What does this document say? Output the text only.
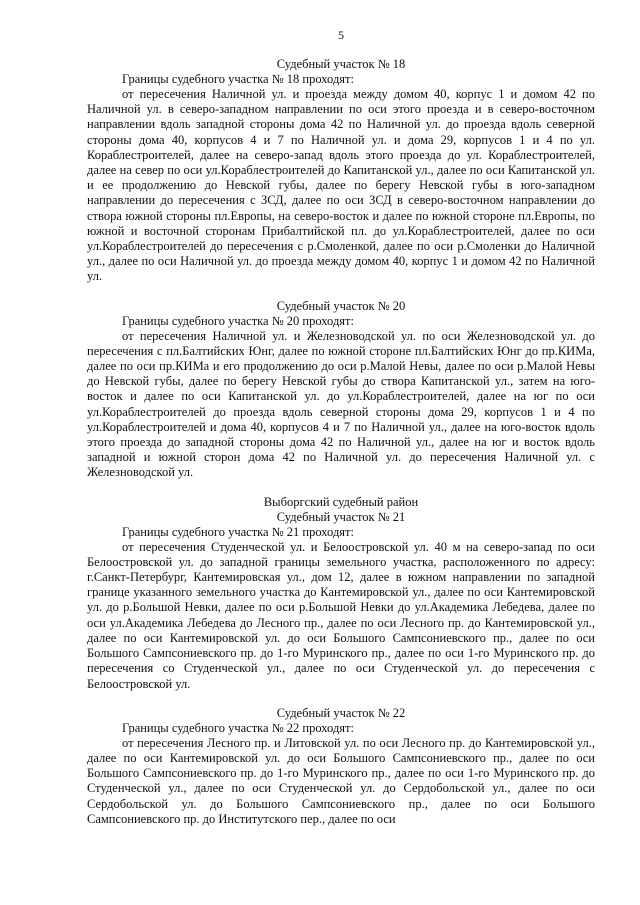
5

Судебный участок № 18

Границы судебного участка № 18 проходят:

от пересечения Наличной ул. и проезда между домом 40, корпус 1 и домом 42 по Наличной ул. в северо-западном направлении по оси этого проезда и в северо-восточном направлении вдоль западной стороны дома 42 по Наличной ул. до проезда вдоль северной стороны дома 40, корпусов 4 и 7 по Наличной ул. и дома 29, корпусов 1 и 4 по ул. Кораблестроителей, далее на северо-запад вдоль этого проезда до ул. Кораблестроителей, далее на север по оси ул.Кораблестроителей до Капитанской ул., далее по оси Капитанской ул. и ее продолжению до Невской губы, далее по берегу Невской губы в юго-западном направлении до пересечения с ЗСД, далее по оси ЗСД в северо-восточном направлении до створа южной стороны пл.Европы, на северо-восток и далее по южной стороне пл.Европы, по южной и восточной сторонам Прибалтийской пл. до ул.Кораблестроителей, далее по оси ул.Кораблестроителей до пересечения с р.Смоленкой, далее по оси р.Смоленки до Наличной ул., далее по оси Наличной ул. до проезда между домом 40, корпус 1 и домом 42 по Наличной ул.

Судебный участок № 20

Границы судебного участка № 20 проходят:

от пересечения Наличной ул. и Железноводской ул. по оси Железноводской ул. до пересечения с пл.Балтийских Юнг, далее по южной стороне пл.Балтийских Юнг до пр.КИМа, далее по оси пр.КИМа и его продолжению до оси р.Малой Невы, далее по оси р.Малой Невы до Невской губы, далее по берегу Невской губы до створа Капитанской ул., затем на юго-восток и далее по оси Капитанской ул. до ул.Кораблестроителей, далее на юг по оси ул.Кораблестроителей до проезда вдоль северной стороны дома 29, корпусов 1 и 4 по ул.Кораблестроителей и дома 40, корпусов 4 и 7 по Наличной ул., далее на юго-восток вдоль этого проезда до западной стороны дома 42 по Наличной ул., далее на юг и восток вдоль западной и южной сторон дома 42 по Наличной ул. до пересечения Наличной ул. с Железноводской ул.

Выборгский судебный район

Судебный участок № 21

Границы судебного участка № 21 проходят:

от пересечения Студенческой ул. и Белоостровской ул. 40 м на северо-запад по оси Белоостровской ул. до западной границы земельного участка, расположенного по адресу: г.Санкт-Петербург, Кантемировская ул., дом 12, далее в южном направлении по западной границе указанного земельного участка до Кантемировской ул., далее по оси Кантемировской ул. до р.Большой Невки, далее по оси р.Большой Невки до ул.Академика Лебедева, далее по оси ул.Академика Лебедева до Лесного пр., далее по оси Лесного пр. до Кантемировской ул., далее по оси Кантемировской ул. до оси Большого Сампсониевского пр., далее по оси Большого Сампсониевского пр. до 1-го Муринского пр., далее по оси 1-го Муринского пр. до пересечения со Студенческой ул., далее по оси Студенческой ул. до пересечения с Белоостровской ул.

Судебный участок № 22

Границы судебного участка № 22 проходят:

от пересечения Лесного пр. и Литовской ул. по оси Лесного пр. до Кантемировской ул., далее по оси Кантемировской ул. до оси Большого Сампсониевского пр., далее по оси Большого Сампсониевского пр. до 1-го Муринского пр., далее по оси 1-го Муринского пр. до Студенческой ул., далее по оси Студенческой ул. до Сердобольской ул., далее по оси Сердобольской ул. до Большого Сампсониевского пр., далее по оси Большого Сампсониевского пр. до Институтского пер., далее по оси
